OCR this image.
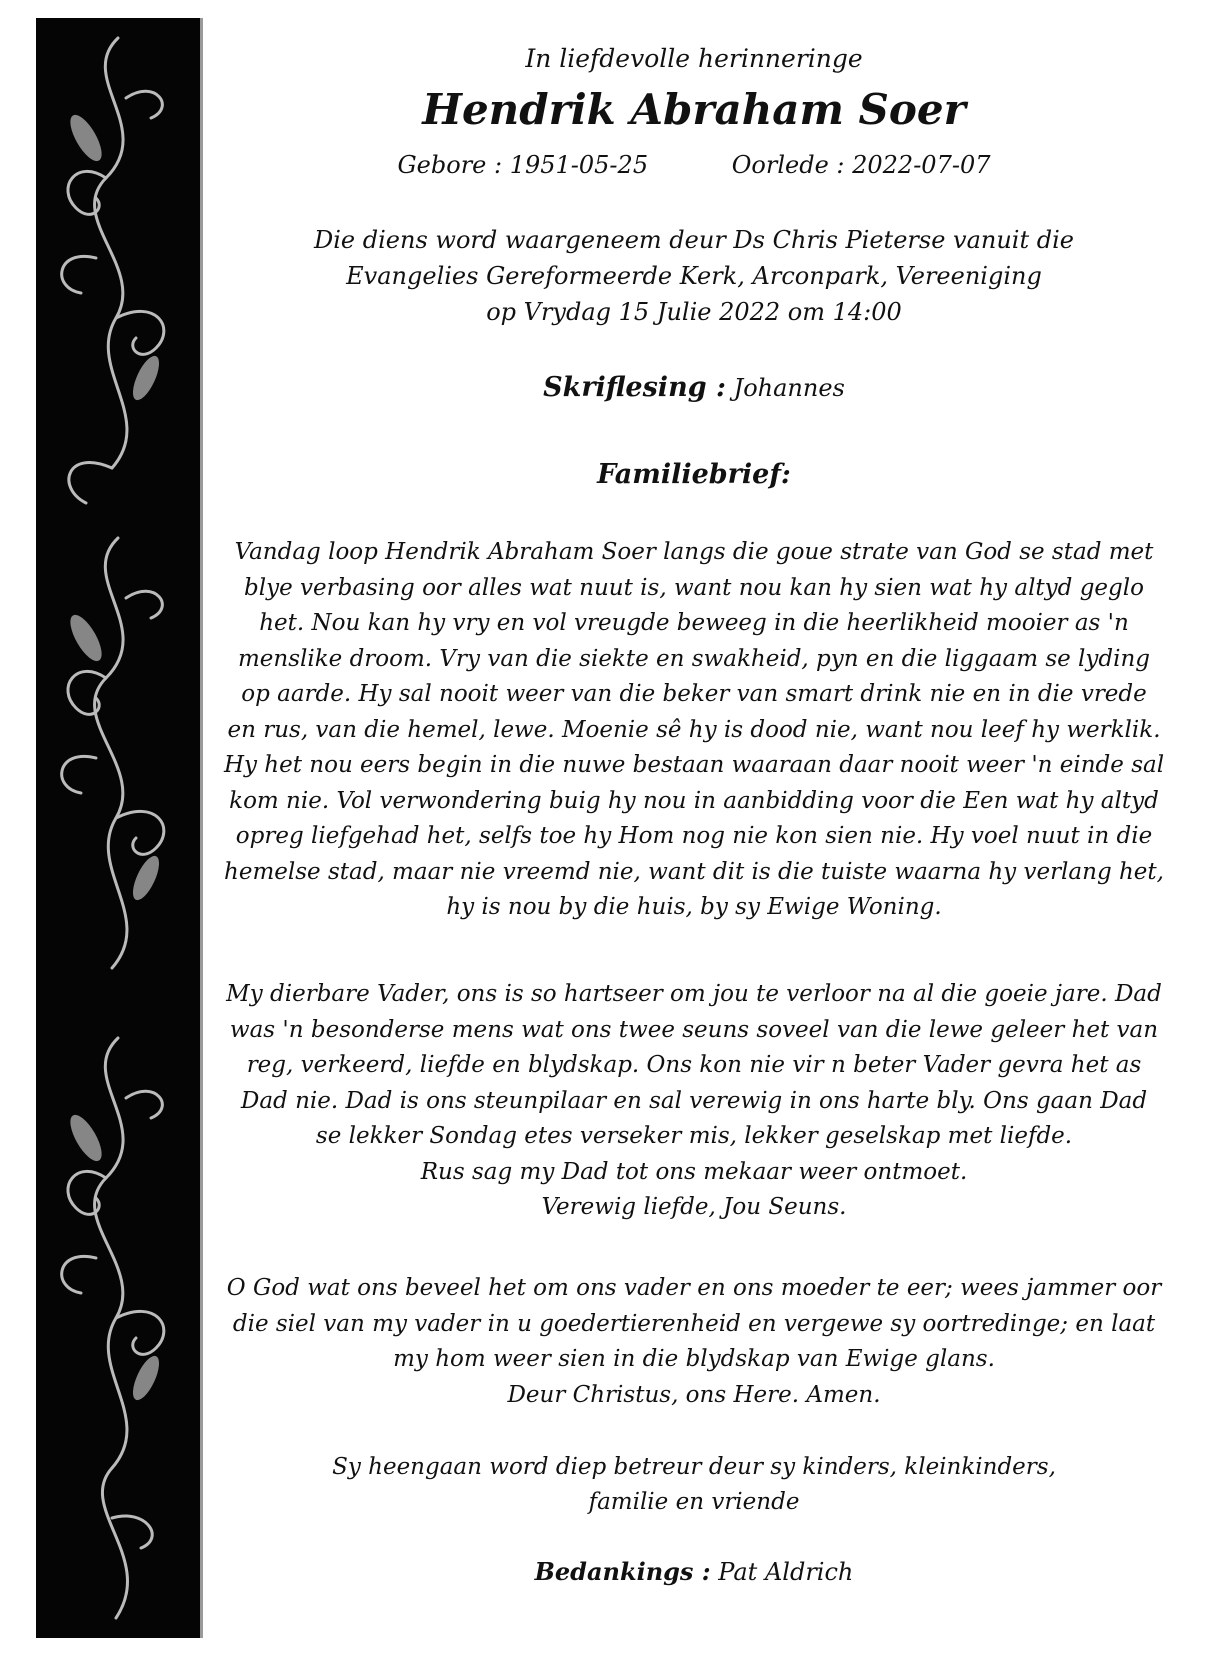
In liefdevolle herinneringe
Hendrik Abraham Soer
Gebore : 1951-05-25	Oorlede : 2022-07-07
Die diens word waargeneem deur Ds Chris Pieterse vanuit die
Evangelies Gereformeerde Kerk, Arconpark, Vereeniging
op Vrydag 15 Julie 2022 om 14:00
Skriflesing : Johannes
Familiebrief:
Vandag loop Hendrik Abraham Soer langs die goue strate van God se stad met
blye verbasing oor alles wat nuut is, want nou kan hy sien wat hy altyd geglo
het. Nou kan hy vry en vol vreugde beweeg in die heerlikheid mooier as 'n
menslike droom. Vry van die siekte en swakheid, pyn en die liggaam se lyding
op aarde. Hy sal nooit weer van die beker van smart drink nie en in die vrede
en rus, van die hemel, lewe. Moenie sê hy is dood nie, want nou leef hy werklik.
Hy het nou eers begin in die nuwe bestaan waaraan daar nooit weer 'n einde sal
kom nie. Vol verwondering buig hy nou in aanbidding voor die Een wat hy altyd
opreg liefgehad het, selfs toe hy Hom nog nie kon sien nie. Hy voel nuut in die
hemelse stad, maar nie vreemd nie, want dit is die tuiste waarna hy verlang het,
hy is nou by die huis, by sy Ewige Woning.
My dierbare Vader, ons is so hartseer om jou te verloor na al die goeie jare. Dad
was 'n besonderse mens wat ons twee seuns soveel van die lewe geleer het van
reg, verkeerd, liefde en blydskap. Ons kon nie vir n beter Vader gevra het as
Dad nie. Dad is ons steunpilaar en sal verewig in ons harte bly. Ons gaan Dad
se lekker Sondag etes verseker mis, lekker geselskap met liefde.
Rus sag my Dad tot ons mekaar weer ontmoet.
Verewig liefde, Jou Seuns.
O God wat ons beveel het om ons vader en ons moeder te eer; wees jammer oor
die siel van my vader in u goedertierenheid en vergewe sy oortredinge; en laat
my hom weer sien in die blydskap van Ewige glans.
Deur Christus, ons Here. Amen.
Sy heengaan word diep betreur deur sy kinders, kleinkinders,
familie en vriende
Bedankings : Pat Aldrich
